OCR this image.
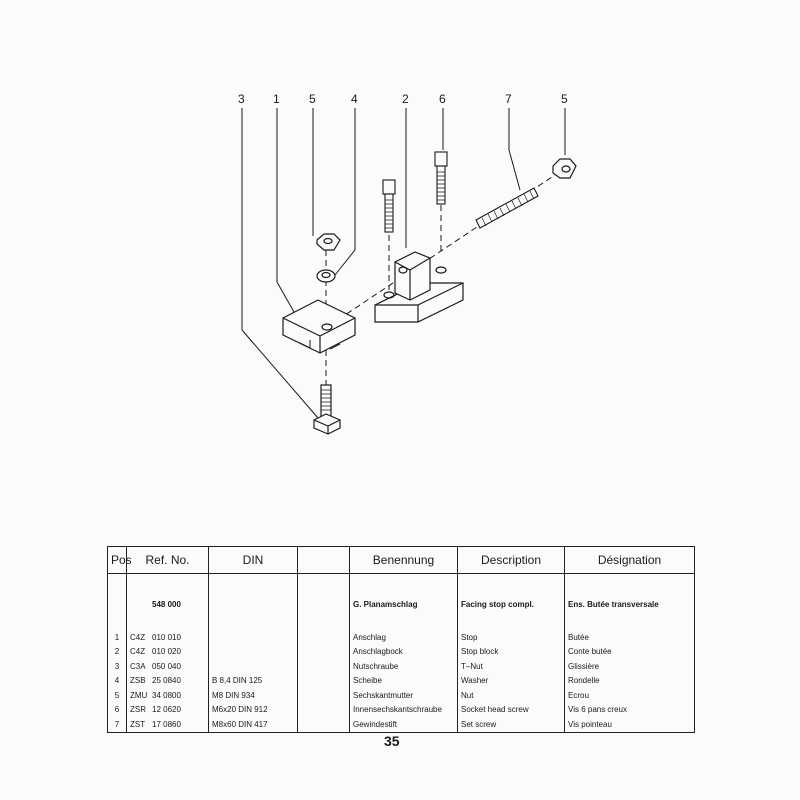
3 1 5	4	2	6	7	5
Pos	Ref. No.	DIN		Benennung	Description	Désignation

	548 000			G. Planamschlag	Facing stop compl.	Ens. Butée transversale

1	C4Z 010 010			Anschlag	Stop	Butée
2	C4Z 010 020			Anschlagbock	Stop block	Conte butée
3	C3A 050 040			Nutschraube	T–Nut	Glissière
4	ZSB 25 0840	B 8,4 DIN 125		Scheibe	Washer	Rondelle
5	ZMU 34 0800	M8 DIN 934		Sechskantmutter	Nut	Ecrou
6	ZSR 12 0620	M6x20 DIN 912		Innensechskantschraube	Socket head screw	Vis 6 pans creux
7	ZST 17 0860	M8x60 DIN 417		Gewindestift	Set screw	Vis pointeau
35
